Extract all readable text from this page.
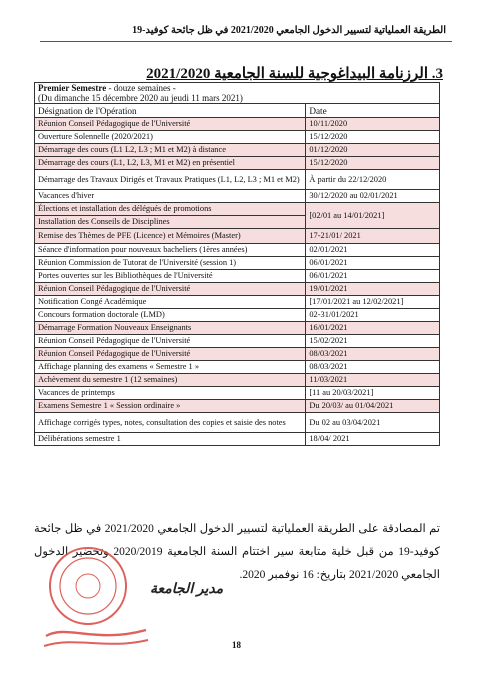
الطريقة العملياتية لتسيير الدخول الجامعي 2021/2020 في ظل جائحة كوفيد-19
3. الرزنامة البيداغوجية للسنة الجامعية 2021/2020
Premier Semestre - douze semaines -
(Du dimanche 15 décembre 2020 au jeudi 11 mars 2021)	
Désignation de l'Opération	Date
Réunion Conseil Pédagogique de l'Université	10/11/2020
Ouverture Solennelle (2020/2021)	15/12/2020
Démarrage des cours (L1 L2, L3 ; M1 et M2) à distance	01/12/2020
Démarrage des cours (L1, L2, L3, M1 et M2) en présentiel	15/12/2020
Démarrage des Travaux Dirigés et Travaux Pratiques (L1, L2, L3 ; M1 et M2)	À partir du 22/12/2020
Vacances d'hiver	30/12/2020 au 02/01/2021
Élections et installation des délégués de promotions	[02/01 au 14/01/2021]
Installation des Conseils de Disciplines	
Remise des Thèmes de PFE (Licence) et Mémoires (Master)	17-21/01/ 2021
Séance d'information pour nouveaux bacheliers (1ères années)	02/01/2021
Réunion Commission de Tutorat de l'Université (session 1)	06/01/2021
Portes ouvertes sur les Bibliothèques de l'Université	06/01/2021
Réunion Conseil Pédagogique de l'Université	19/01/2021
Notification Congé Académique	[17/01/2021 au 12/02/2021]
Concours formation doctorale (LMD)	02-31/01/2021
Démarrage Formation Nouveaux Enseignants	16/01/2021
Réunion Conseil Pédagogique de l'Université	15/02/2021
Réunion Conseil Pédagogique de l'Université	08/03/2021
Affichage planning des examens « Semestre 1 »	08/03/2021
Achèvement du semestre 1 (12 semaines)	11/03/2021
Vacances de printemps	[11 au 20/03/2021]
Examens Semestre 1 « Session ordinaire »	Du 20/03/ au 01/04/2021
Affichage corrigés types, notes, consultation des copies et saisie des notes	Du 02 au 03/04/2021
Délibérations semestre 1	18/04/ 2021
تم المصادقة على الطريقة العملياتية لتسيير الدخول الجامعي 2021/2020 في ظل جائحة كوفيد-19 من قبل خلية متابعة سير اختتام السنة الجامعية 2020/2019 وتحضير الدخول الجامعي 2021/2020 بتاريخ: 16 نوفمبر 2020.
مدير الجامعة
18
